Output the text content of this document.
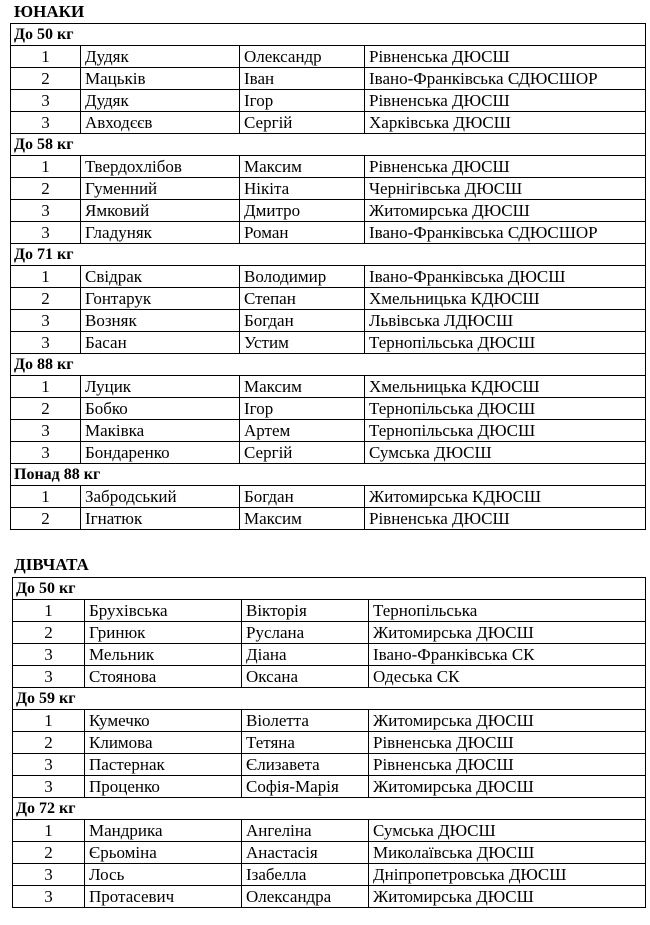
ЮНАКИ
До 50 кг			
1	Дудяк	Олександр	Рівненська ДЮСШ
2	Мацьків	Іван	Івано-Франківська СДЮСШОР
3	Дудяк	Ігор	Рівненська ДЮСШ
3	Авходєєв	Сергій	Харківська ДЮСШ
До 58 кг			
1	Твердохлібов	Максим	Рівненська ДЮСШ
2	Гуменний	Нікіта	Чернігівська ДЮСШ
3	Ямковий	Дмитро	Житомирська ДЮСШ
3	Гладуняк	Роман	Івано-Франківська СДЮСШОР
До 71 кг			
1	Свідрак	Володимир	Івано-Франківська ДЮСШ
2	Гонтарук	Степан	Хмельницька КДЮСШ
3	Возняк	Богдан	Львівська ЛДЮСШ
3	Басан	Устим	Тернопільська ДЮСШ
До 88 кг			
1	Луцик	Максим	Хмельницька КДЮСШ
2	Бобко	Ігор	Тернопільська ДЮСШ
3	Маківка	Артем	Тернопільська ДЮСШ
3	Бондаренко	Сергій	Сумська ДЮСШ
Понад 88 кг			
1	Забродський	Богдан	Житомирська КДЮСШ
2	Ігнатюк	Максим	Рівненська ДЮСШ
ДІВЧАТА
До 50 кг			
1	Брухівська	Вікторія	Тернопільська
2	Гринюк	Руслана	Житомирська ДЮСШ
3	Мельник	Діана	Івано-Франківська СК
3	Стоянова	Оксана	Одеська СК
До 59 кг			
1	Кумечко	Віолетта	Житомирська ДЮСШ
2	Климова	Тетяна	Рівненська ДЮСШ
3	Пастернак	Єлизавета	Рівненська ДЮСШ
3	Проценко	Софія-Марія	Житомирська ДЮСШ
До 72 кг			
1	Мандрика	Ангеліна	Сумська ДЮСШ
2	Єрьоміна	Анастасія	Миколаївська ДЮСШ
3	Лось	Ізабелла	Дніпропетровська ДЮСШ
3	Протасевич	Олександра	Житомирська ДЮСШ
